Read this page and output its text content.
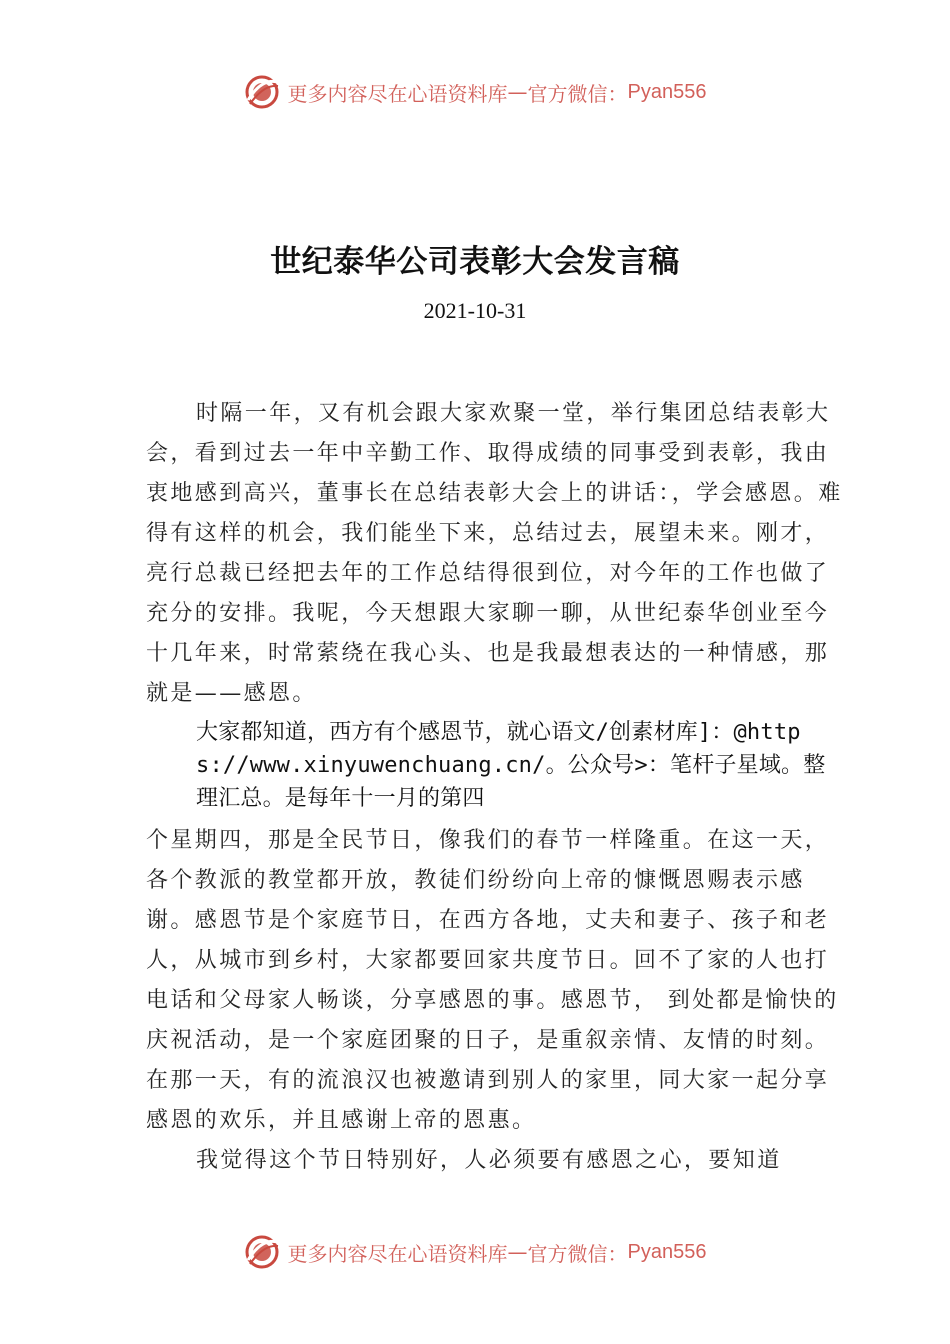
更多内容尽在心语资料库 — 官方微信： Pyan556
世纪泰华公司表彰大会发言稿
2021-10-31

时隔一年，又有机会跟大家欢聚一堂，举行集团总结表彰大会，看到过去一年中辛勤工作、取得成绩的同事受到表彰，我由衷地感到高兴，董事长在总结表彰大会上的讲话：，学会感恩。难得有这样的机会，我们能坐下来，总结过去，展望未来。刚才，亮行总裁已经把去年的工作总结得很到位，对今年的工作也做了充分的安排。我呢，今天想跟大家聊一聊，从世纪泰华创业至今十几年来，时常萦绕在我心头、也是我最想表达的一种情感，那就是——感恩。

大家都知道，西方有个感恩节，就心语文/创素材库]：@https://www.xinyuwenchuang.cn/。公众号>：笔杆子星域。整理汇总。是每年十一月的第四

个星期四，那是全民节日，像我们的春节一样隆重。在这一天，各个教派的教堂都开放，教徒们纷纷向上帝的慷慨恩赐表示感谢。感恩节是个家庭节日，在西方各地，丈夫和妻子、孩子和老人，从城市到乡村，大家都要回家共度节日。回不了家的人也打电话和父母家人畅谈，分享感恩的事。感恩节， 到处都是愉快的庆祝活动，是一个家庭团聚的日子，是重叙亲情、友情的时刻。在那一天，有的流浪汉也被邀请到别人的家里，同大家一起分享感恩的欢乐，并且感谢上帝的恩惠。

我觉得这个节日特别好，人必须要有感恩之心，要知道

更多内容尽在心语资料库 — 官方微信： Pyan556
